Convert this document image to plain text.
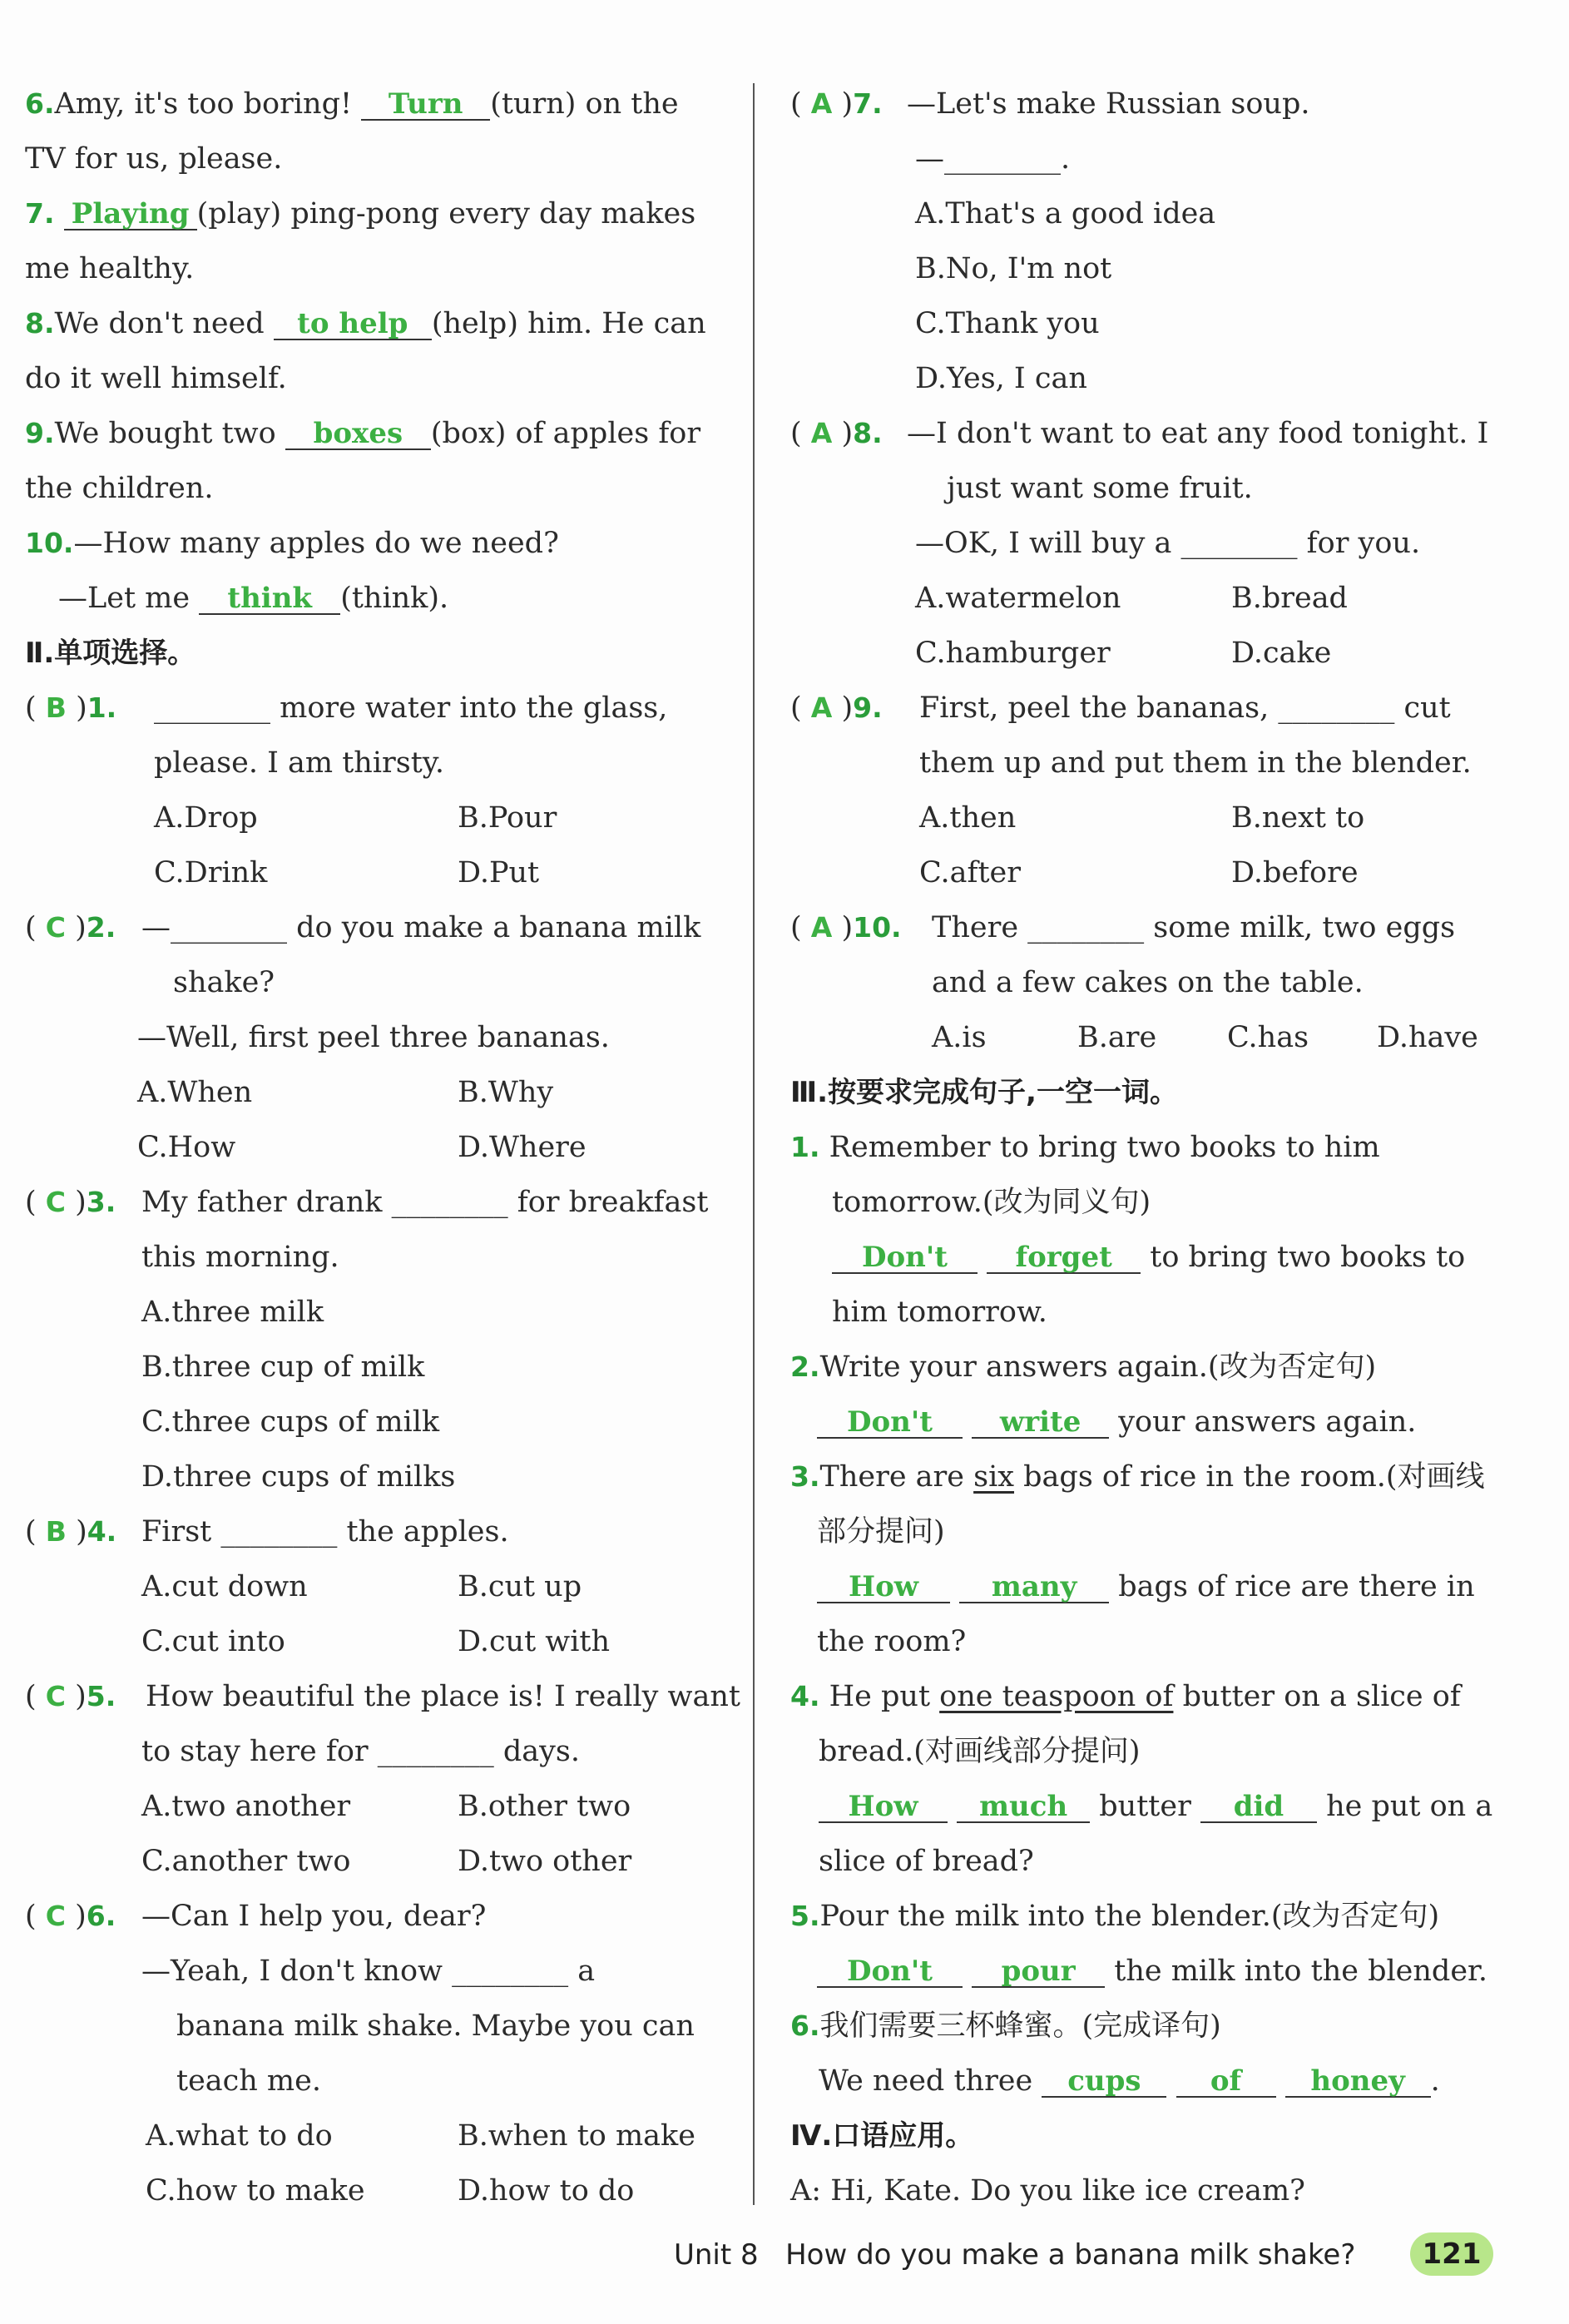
6.Amy, it's too boring! Turn (turn) on the
TV for us, please.
7. Playing (play) ping-pong every day makes
me healthy.
8.We don't need to help (help) him. He can
do it well himself.
9.We bought two boxes (box) of apples for
the children.
10.—How many apples do we need?
—Let me think (think).
Ⅱ.单项选择。
( B )1. ________ more water into the glass,
please. I am thirsty.
A.Drop	B.Pour
C.Drink	D.Put
( C )2. —________ do you make a banana milk
shake?
—Well, first peel three bananas.
A.When	B.Why
C.How	D.Where
( C )3. My father drank ________ for breakfast
this morning.
A.three milk
B.three cup of milk
C.three cups of milk
D.three cups of milks
( B )4. First ________ the apples.
A.cut down	B.cut up
C.cut into	D.cut with
( C )5. How beautiful the place is! I really want
to stay here for ________ days.
A.two another	B.other two
C.another two	D.two other
( C )6. —Can I help you, dear?
—Yeah, I don't know ________ a
banana milk shake. Maybe you can
teach me.
A.what to do	B.when to make
C.how to make	D.how to do
( A )7. —Let's make Russian soup.
—________.
A.That's a good idea
B.No, I'm not
C.Thank you
D.Yes, I can
( A )8. —I don't want to eat any food tonight. I
just want some fruit.
—OK, I will buy a ________ for you.
A.watermelon	B.bread
C.hamburger	D.cake
( A )9. First, peel the bananas, ________ cut
them up and put them in the blender.
A.then	B.next to
C.after	D.before
( A )10. There ________ some milk, two eggs
and a few cakes on the table.
A.is	B.are C.has D.have
Ⅲ.按要求完成句子,一空一词。
1. Remember to bring two books to him
tomorrow.(改为同义句)
Don't forget to bring two books to
him tomorrow.
2.Write your answers again.(改为否定句)
Don't write your answers again.
3.There are six bags of rice in the room.(对画线
部分提问)
How	many bags of rice are there in
the room?
4. He put one teaspoon of butter on a slice of
bread.(对画线部分提问)
How much butter did he put on a
slice of bread?
5.Pour the milk into the blender.(改为否定句)
Don't pour the milk into the blender.
6.我们需要三杯蜂蜜。(完成译句)
We need three cups of honey .
Ⅳ.口语应用。
A: Hi, Kate. Do you like ice cream?
Unit 8 How do you make a banana milk shake?	121
